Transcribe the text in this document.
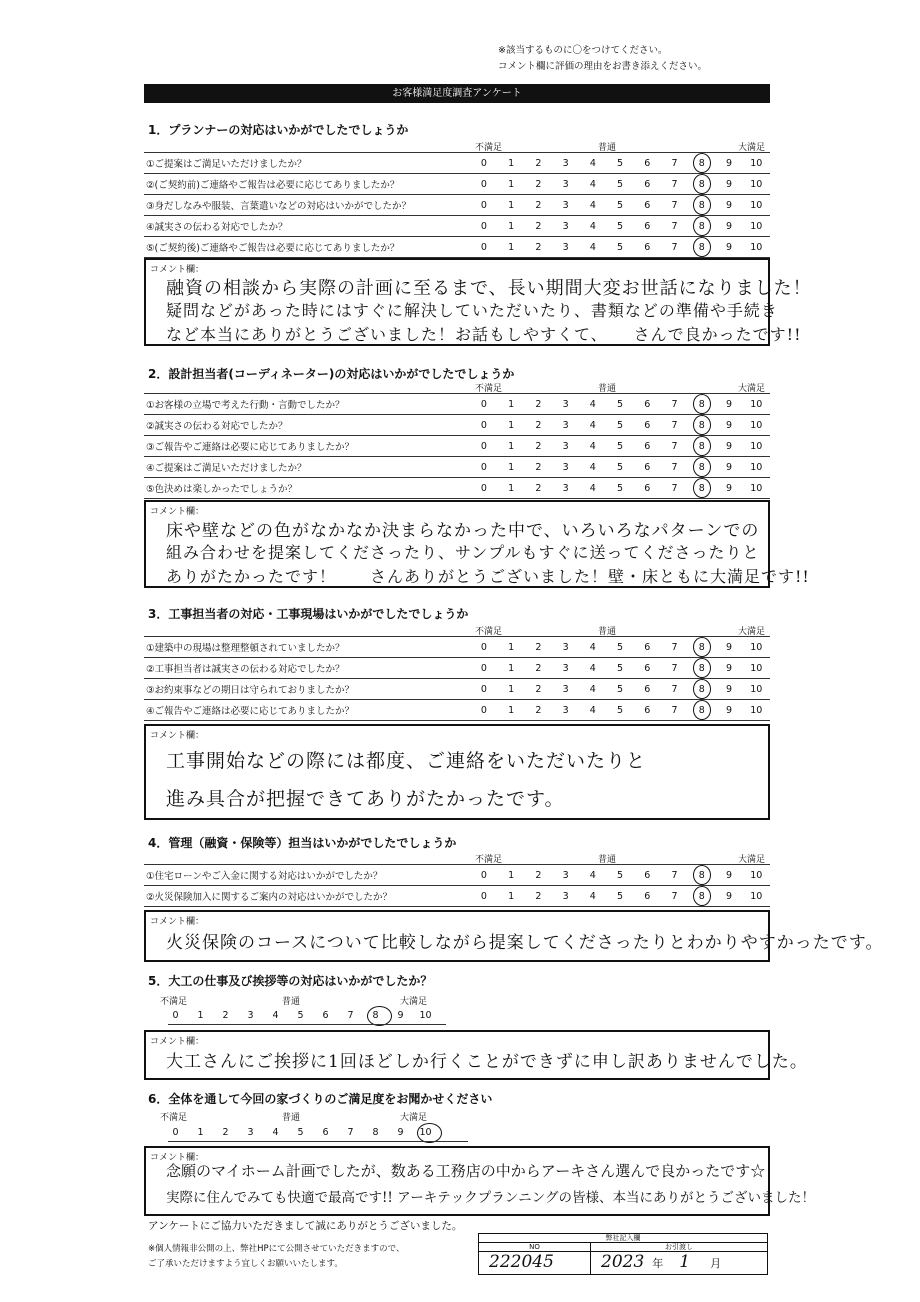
※該当するものに〇をつけてください。
コメント欄に評価の理由をお書き添えください。
お客様満足度調査アンケート
1．プランナーの対応はいかがでしたでしょうか
不満足	普通	大満足
①ご提案はご満足いただけましたか？	0	1	2	3	4	5	6	7	8	9	10
②(ご契約前)ご連絡やご報告は必要に応じてありましたか？	0	1	2	3	4	5	6	7	8	9	10
③身だしなみや服装、言葉遣いなどの対応はいかがでしたか？	0	1	2	3	4	5	6	7	8	9	10
④誠実さの伝わる対応でしたか？	0	1	2	3	4	5	6	7	8	9	10
⑤(ご契約後)ご連絡やご報告は必要に応じてありましたか？	0	1	2	3	4	5	6	7	8	9	10
コメント欄：
融資の相談から実際の計画に至るまで、長い期間大変お世話になりました！
疑問などがあった時にはすぐに解決していただいたり、書類などの準備や手続き
など本当にありがとうございました！お話もしやすくて、　　さんで良かったです!!
2．設計担当者(コーディネーター)の対応はいかがでしたでしょうか
不満足	普通	大満足
①お客様の立場で考えた行動・言動でしたか？	0	1	2	3	4	5	6	7	8	9	10
②誠実さの伝わる対応でしたか？	0	1	2	3	4	5	6	7	8	9	10
③ご報告やご連絡は必要に応じてありましたか？	0	1	2	3	4	5	6	7	8	9	10
④ご提案はご満足いただけましたか？	0	1	2	3	4	5	6	7	8	9	10
⑤色決めは楽しかったでしょうか？	0	1	2	3	4	5	6	7	8	9	10
コメント欄：
床や壁などの色がなかなか決まらなかった中で、いろいろなパターンでの
組み合わせを提案してくださったり、サンプルもすぐに送ってくださったりと
ありがたかったです！　　さんありがとうございました！壁・床ともに大満足です!!
3．工事担当者の対応・工事現場はいかがでしたでしょうか
不満足	普通	大満足
①建築中の現場は整理整頓されていましたか？	0	1	2	3	4	5	6	7	8	9	10
②工事担当者は誠実さの伝わる対応でしたか？	0	1	2	3	4	5	6	7	8	9	10
③お約束事などの期日は守られておりましたか？	0	1	2	3	4	5	6	7	8	9	10
④ご報告やご連絡は必要に応じてありましたか？	0	1	2	3	4	5	6	7	8	9	10
コメント欄：
工事開始などの際には都度、ご連絡をいただいたりと
進み具合が把握できてありがたかったです。
4．管理（融資・保険等）担当はいかがでしたでしょうか
不満足	普通	大満足
①住宅ローンやご入金に関する対応はいかがでしたか？	0	1	2	3	4	5	6	7	8	9	10
②火災保険加入に関するご案内の対応はいかがでしたか？	0	1	2	3	4	5	6	7	8	9	10
コメント欄：
火災保険のコースについて比較しながら提案してくださったりとわかりやすかったです。
5．大工の仕事及び挨拶等の対応はいかがでしたか？
不満足	普通	大満足
0	1	2	3	4	5	6	7	8	9	10
コメント欄：
大工さんにご挨拶に1回ほどしか行くことができずに申し訳ありませんでした。
6．全体を通して今回の家づくりのご満足度をお聞かせください
不満足	普通	大満足
0	1	2	3	4	5	6	7	8	9	10
コメント欄：
念願のマイホーム計画でしたが、数ある工務店の中からアーキさん選んで良かったです☆
実際に住んでみても快適で最高です!! アーキテックプランニングの皆様、本当にありがとうございました！
アンケートにご協力いただきまして誠にありがとうございました。
※個人情報非公開の上、弊社HPにて公開させていただきますので、
ご了承いただけますよう宜しくお願いいたします。
弊社記入欄
NO
222045
お引渡し
2023 年 1 月
